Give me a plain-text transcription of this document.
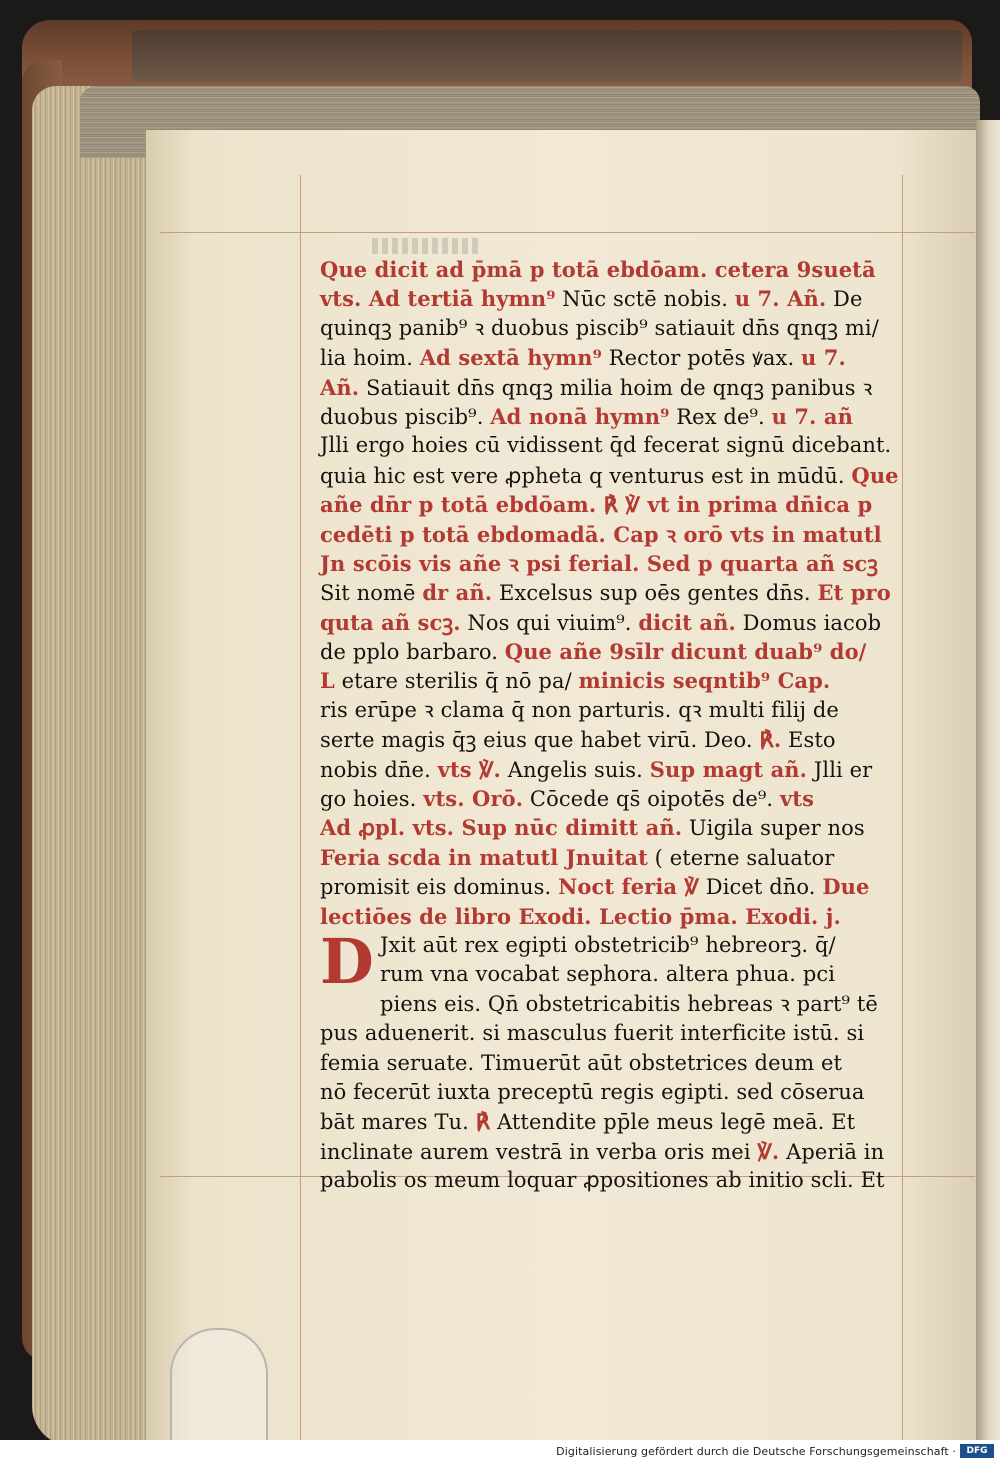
Que dicit ad p̄mā p totā ebdōam. cetera 9suetā
vts. Ad tertiā hymn⁹ Nūc sctē nobis. u 7. Añ. De
quinqꝫ panib⁹ ꝛ duobus piscib⁹ satiauit dn̄s qnqꝫ mi/
lia hoim. Ad sextā hymn⁹ Rector potēs ꝟax. u 7.
Añ. Satiauit dn̄s qnqꝫ milia hoim de qnqꝫ panibus ꝛ
duobus piscib⁹. Ad nonā hymn⁹ Rex de⁹. u 7. añ
Jlli ergo hoies cū vidissent q̄d fecerat signū dicebant.
quia hic est vere ꝓpheta q venturus est in mūdū. Que
añe dn̄r p totā ebdōam. ℟ ℣ vt in prima dn̄ica p
cedēti p totā ebdomadā. Cap ꝛ orō vts in matutl
Jn scōis vis añe ꝛ psi ferial. Sed p quarta añ scꝫ
Sit nomē dr añ. Excelsus sup oēs gentes dn̄s. Et pro
quta añ scꝫ. Nos qui viuim⁹. dicit añ. Domus iacob
de pplo barbaro. Que añe 9sīlr dicunt duab⁹ do/
L etare sterilis q̄ nō pa/ minicis seqntib⁹ Cap.
ris erūpe ꝛ clama q̄ non parturis. qꝛ multi filij de
serte magis q̄ꝫ eius que habet virū. Deo. ℟. Esto
nobis dn̄e. vts ℣. Angelis suis. Sup magt añ. Jlli er
go hoies. vts. Orō. Cōcede qs̄ oipotēs de⁹. vts
Ad ꝓpl. vts. Sup nūc dimitt añ. Uigila super nos
Feria scda in matutl Jnuitat ( eterne saluator
promisit eis dominus. Noct feria ℣ Dicet dn̄o. Due
lectiōes de libro Exodi. Lectio p̄ma. Exodi. j.
D Jxit aūt rex egipti obstetricib⁹ hebreorꝫ. q̄/
rum vna vocabat sephora. altera phua. pci
piens eis. Qn̄ obstetricabitis hebreas ꝛ part⁹ tē
pus aduenerit. si masculus fuerit interficite istū. si
femia seruate. Timuerūt aūt obstetrices deum et
nō fecerūt iuxta preceptū regis egipti. sed cōserua
bāt mares Tu. ℟ Attendite pp̄le meus legē meā. Et
inclinate aurem vestrā in verba oris mei ℣. Aperiā in
pabolis os meum loquar ꝓpositiones ab initio scli. Et
Digitalisierung gefördert durch die Deutsche Forschungsgemeinschaft ·	DFG
